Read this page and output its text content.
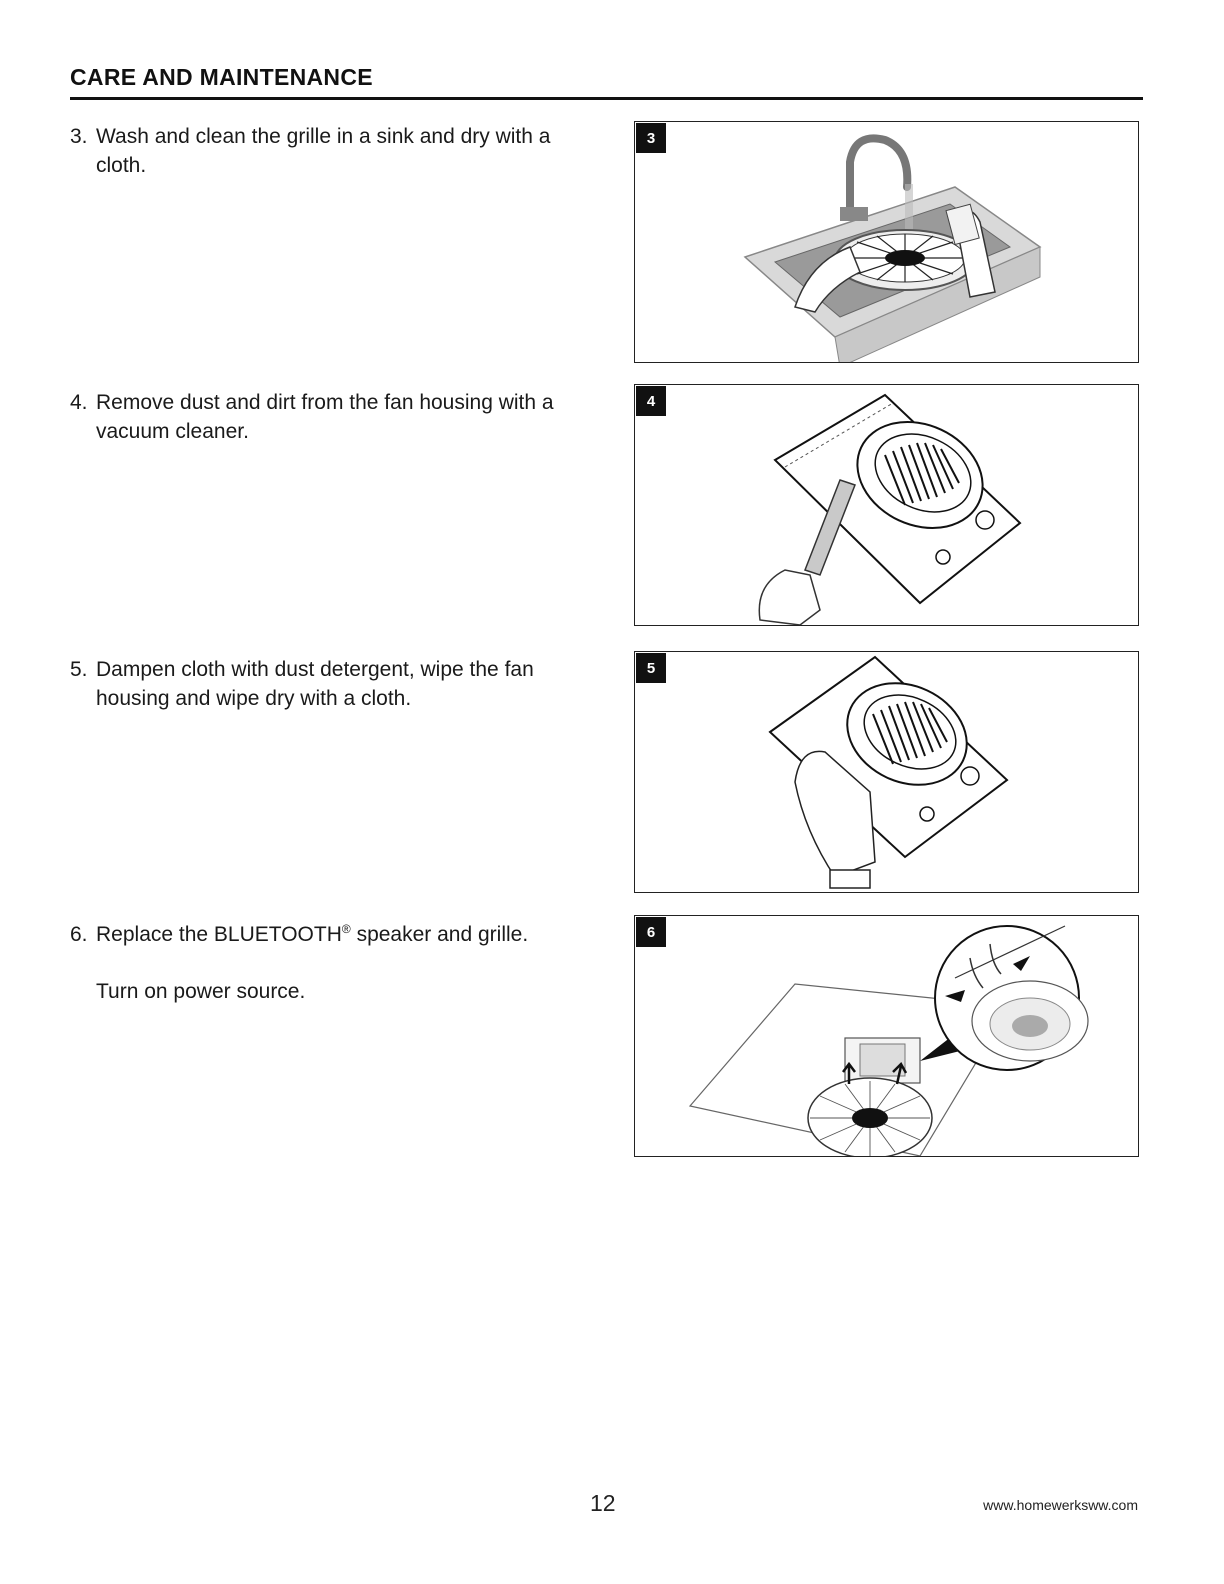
CARE AND MAINTENANCE
3. Wash and clean the grille in a sink and dry with a cloth.
3
4. Remove dust and dirt from the fan housing with a vacuum cleaner.
4
5. Dampen cloth with dust detergent, wipe the fan housing and wipe dry with a cloth.
5
6. Replace the BLUETOOTH® speaker and grille.
Turn on power source.
6
12	www.homewerksww.com
